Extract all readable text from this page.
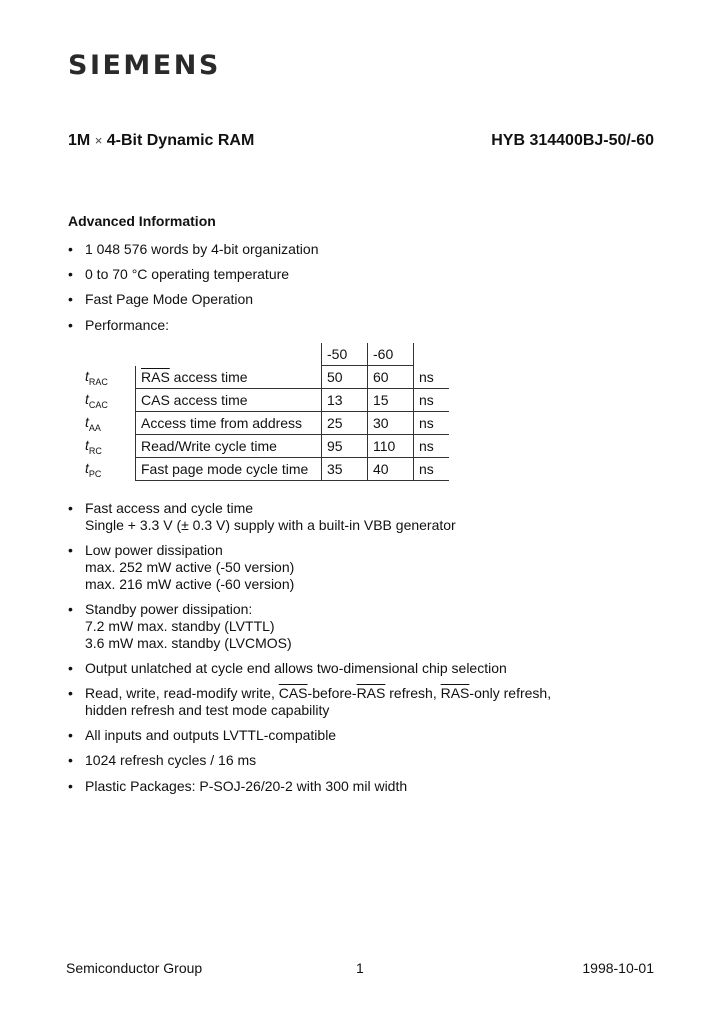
SIEMENS
1M × 4-Bit Dynamic RAM	HYB 314400BJ-50/-60
Advanced Information
• 1 048 576 words by 4-bit organization
• 0 to 70 °C operating temperature
• Fast Page Mode Operation
• Performance:
		-50	-60	
$t_{RAC}$	$\overline{RAS}$ access time	50	60	ns
$t_{CAC}$	CAS access time	13	15	ns
$t_{AA}$	Access time from address	25	30	ns
$t_{RC}$	Read/Write cycle time	95	110	ns
$t_{PC}$	Fast page mode cycle time	35	40	ns
• Fast access and cycle time
Single + 3.3 V (± 0.3 V) supply with a built-in VBB generator
• Low power dissipation
max. 252 mW active (-50 version)
max. 216 mW active (-60 version)
• Standby power dissipation:
7.2 mW max. standby (LVTTL)
3.6 mW max. standby (LVCMOS)
• Output unlatched at cycle end allows two-dimensional chip selection
• Read, write, read-modify write, $\overline{CAS}-before-\overline{RAS}$ refresh, $\overline{RAS}$-only refresh,
hidden refresh and test mode capability
• All inputs and outputs LVTTL-compatible
• 1024 refresh cycles / 16 ms
• Plastic Packages: P-SOJ-26/20-2 with 300 mil width
Semiconductor Group	1	1998-10-01
